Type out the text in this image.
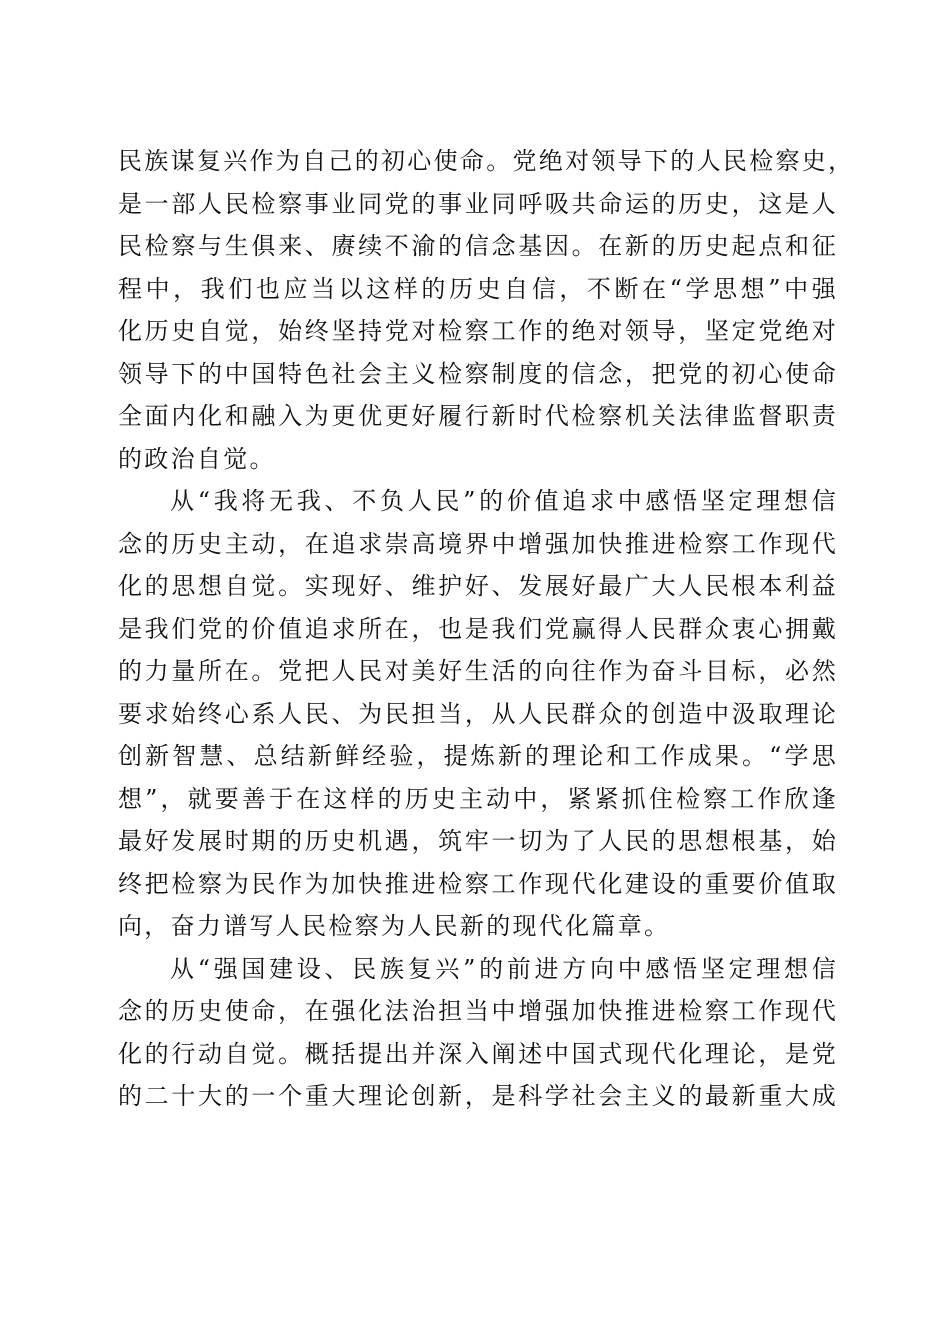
民族谋复兴作为自己的初心使命。党绝对领导下的人民检察史，
是一部人民检察事业同党的事业同呼吸共命运的历史，这是人
民检察与生俱来、赓续不渝的信念基因。在新的历史起点和征
程中，我们也应当以这样的历史自信，不断在“学思想”中强
化历史自觉，始终坚持党对检察工作的绝对领导，坚定党绝对
领导下的中国特色社会主义检察制度的信念，把党的初心使命
全面内化和融入为更优更好履行新时代检察机关法律监督职责
的政治自觉。
从“我将无我、不负人民”的价值追求中感悟坚定理想信
念的历史主动，在追求崇高境界中增强加快推进检察工作现代
化的思想自觉。实现好、维护好、发展好最广大人民根本利益
是我们党的价值追求所在，也是我们党赢得人民群众衷心拥戴
的力量所在。党把人民对美好生活的向往作为奋斗目标，必然
要求始终心系人民、为民担当，从人民群众的创造中汲取理论
创新智慧、总结新鲜经验，提炼新的理论和工作成果。“学思
想”，就要善于在这样的历史主动中，紧紧抓住检察工作欣逢
最好发展时期的历史机遇，筑牢一切为了人民的思想根基，始
终把检察为民作为加快推进检察工作现代化建设的重要价值取
向，奋力谱写人民检察为人民新的现代化篇章。
从“强国建设、民族复兴”的前进方向中感悟坚定理想信
念的历史使命，在强化法治担当中增强加快推进检察工作现代
化的行动自觉。概括提出并深入阐述中国式现代化理论，是党
的二十大的一个重大理论创新，是科学社会主义的最新重大成
